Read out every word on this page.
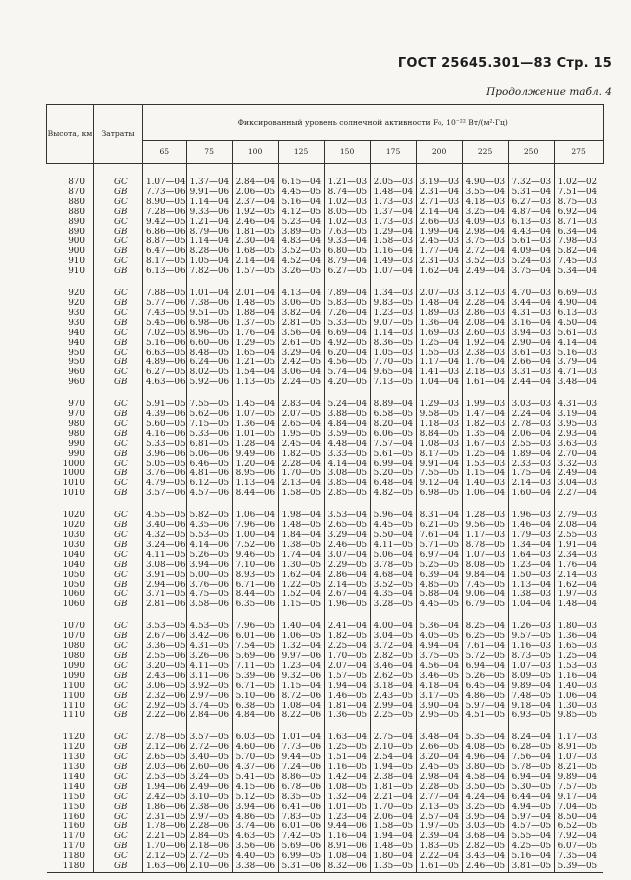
ГОСТ 25645.301—83 Стр. 15
Продолжение табл. 4
Высота, км	Затраты	Фиксированный уровень солнечной активности F₀, 10⁻²² Вт/(м²·Гц)									
		65	75	100	125	150	175	200	225	250	275

870	GC	1.07—04	1.37—04	2.84—04	6.15—04	1.21—03	2.05—03	3.19—03	4.90—03	7.32—03	1.02—02
870	GB	7.73—06	9.91—06	2.06—05	4.45—05	8.74—05	1.48—04	2.31—04	3.55—04	5.31—04	7.51—04
880	GC	8.90—05	1.14—04	2.37—04	5.16—04	1.02—03	1.73—03	2.71—03	4.18—03	6.27—03	8.75—03
880	GB	7.28—06	9.33—06	1.92—05	4.12—05	8.05—05	1.37—04	2.14—04	3.25—04	4.87—04	6.92—04
890	GC	9.42—05	1.21—04	2.46—04	5.23—04	1.02—03	1.73—03	2.66—03	4.09—03	6.13—03	8.71—03
890	GB	6.86—06	8.79—06	1.81—05	3.89—05	7.63—05	1.29—04	1.99—04	2.98—04	4.43—04	6.34—04
900	GC	8.87—05	1.14—04	2.30—04	4.83—04	9.33—04	1.58—03	2.45—03	3.75—03	5.61—03	7.98—03
900	GB	6.47—06	8.28—06	1.68—05	3.52—05	6.80—05	1.16—04	1.77—04	2.72—04	4.09—04	5.82—04
910	GC	8.17—05	1.05—04	2.14—04	4.52—04	8.79—04	1.49—03	2.31—03	3.52—03	5.24—03	7.45—03
910	GB	6.13—06	7.82—06	1.57—05	3.26—05	6.27—05	1.07—04	1.62—04	2.49—04	3.75—04	5.34—04

920	GC	7.88—05	1.01—04	2.01—04	4.13—04	7.89—04	1.34—03	2.07—03	3.12—03	4.70—03	6.69—03
920	GB	5.77—06	7.38—06	1.48—05	3.06—05	5.83—05	9.83—05	1.48—04	2.28—04	3.44—04	4.90—04
930	GC	7.43—05	9.51—05	1.88—04	3.82—04	7.26—04	1.23—03	1.89—03	2.86—03	4.31—03	6.13—03
930	GB	5.45—06	6.98—06	1.37—05	2.81—05	5.33—05	9.07—05	1.36—04	2.08—04	3.16—04	4.50—04
940	GC	7.02—05	8.96—05	1.76—04	3.56—04	6.69—04	1.14—03	1.69—03	2.60—03	3.94—03	5.61—03
940	GB	5.16—06	6.60—06	1.29—05	2.61—05	4.92—05	8.36—05	1.25—04	1.92—04	2.90—04	4.14—04
950	GC	6.63—05	8.48—05	1.65—04	3.29—04	6.20—04	1.05—03	1.55—03	2.38—03	3.61—03	5.16—03
950	GB	4.89—06	6.24—06	1.21—05	2.42—05	4.56—05	7.70—05	1.17—04	1.76—04	2.66—04	3.79—04
960	GC	6.27—05	8.02—05	1.54—04	3.06—04	5.74—04	9.65—04	1.41—03	2.18—03	3.31—03	4.71—03
960	GB	4.63—06	5.92—06	1.13—05	2.24—05	4.20—05	7.13—05	1.04—04	1.61—04	2.44—04	3.48—04

970	GC	5.91—05	7.55—05	1.45—04	2.83—04	5.24—04	8.89—04	1.29—03	1.99—03	3.03—03	4.31—03
970	GB	4.39—06	5.62—06	1.07—05	2.07—05	3.88—05	6.58—05	9.58—05	1.47—04	2.24—04	3.19—04
980	GC	5.60—05	7.15—05	1.36—04	2.65—04	4.84—04	8.20—04	1.18—03	1.82—03	2.78—03	3.95—03
980	GB	4.16—06	5.33—06	1.01—05	1.95—05	3.59—05	6.06—05	8.84—05	1.35—04	2.06—04	2.93—04
990	GC	5.33—05	6.81—05	1.28—04	2.45—04	4.48—04	7.57—04	1.08—03	1.67—03	2.55—03	3.63—03
990	GB	3.96—06	5.06—06	9.49—06	1.82—05	3.33—05	5.61—05	8.17—05	1.25—04	1.89—04	2.70—04
1000	GC	5.05—05	6.46—05	1.20—04	2.28—04	4.14—04	6.99—04	9.91—04	1.53—03	2.33—03	3.32—03
1000	GB	3.76—06	4.81—06	8.95—06	1.70—05	3.08—05	5.20—05	7.55—05	1.15—04	1.75—04	2.49—04
1010	GC	4.79—05	6.12—05	1.13—04	2.13—04	3.85—04	6.48—04	9.12—04	1.40—03	2.14—03	3.04—03
1010	GB	3.57—06	4.57—06	8.44—06	1.58—05	2.85—05	4.82—05	6.98—05	1.06—04	1.60—04	2.27—04

1020	GC	4.55—05	5.82—05	1.06—04	1.98—04	3.53—04	5.96—04	8.31—04	1.28—03	1.96—03	2.79—03
1020	GB	3.40—06	4.35—06	7.96—06	1.48—05	2.65—05	4.45—05	6.21—05	9.56—05	1.46—04	2.08—04
1030	GC	4.32—05	5.53—05	1.00—04	1.84—04	3.29—04	5.50—04	7.61—04	1.17—03	1.79—03	2.55—03
1030	GB	3.24—06	4.14—06	7.52—06	1.38—05	2.46—05	4.11—05	5.71—05	8.78—05	1.34—04	1.91—04
1040	GC	4.11—05	5.26—05	9.46—05	1.74—04	3.07—04	5.06—04	6.97—04	1.07—03	1.64—03	2.34—03
1040	GB	3.08—06	3.94—06	7.10—06	1.30—05	2.29—05	3.78—05	5.25—05	8.08—05	1.23—04	1.76—04
1050	GC	3.91—05	5.00—05	8.93—05	1.62—04	2.86—04	4.68—04	6.39—04	9.84—04	1.50—03	2.14—03
1050	GB	2.94—06	3.76—06	6.71—06	1.22—05	2.14—05	3.52—05	4.85—05	7.45—05	1.13—04	1.62—04
1060	GC	3.71—05	4.75—05	8.44—05	1.52—04	2.67—04	4.35—04	5.88—04	9.06—04	1.38—03	1.97—03
1060	GB	2.81—06	3.58—06	6.35—06	1.15—05	1.96—05	3.28—05	4.45—05	6.79—05	1.04—04	1.48—04

1070	GC	3.53—05	4.53—05	7.96—05	1.40—04	2.41—04	4.00—04	5.36—04	8.25—04	1.26—03	1.80—03
1070	GB	2.67—06	3.42—06	6.01—06	1.06—05	1.82—05	3.04—05	4.05—05	6.25—05	9.57—05	1.36—04
1080	GC	3.36—05	4.31—05	7.54—05	1.32—04	2.25—04	3.72—04	4.94—04	7.61—04	1.16—03	1.65—03
1080	GB	2.55—06	3.26—06	5.69—06	9.97—06	1.70—05	2.82—05	3.75—05	5.72—05	8.73—05	1.25—04
1090	GC	3.20—05	4.11—05	7.11—05	1.23—04	2.07—04	3.46—04	4.56—04	6.94—04	1.07—03	1.53—03
1090	GB	2.43—06	3.11—06	5.39—06	9.32—06	1.57—05	2.62—05	3.46—05	5.26—05	8.09—05	1.16—04
1100	GC	3.06—05	3.92—05	6.71—05	1.15—04	1.94—04	3.18—04	4.18—04	6.45—04	9.89—04	1.40—03
1100	GB	2.32—06	2.97—06	5.10—06	8.72—06	1.46—05	2.43—05	3.17—05	4.86—05	7.48—05	1.06—04
1110	GC	2.92—05	3.74—05	6.38—05	1.08—04	1.81—04	2.99—04	3.90—04	5.97—04	9.18—04	1.30—03
1110	GB	2.22—06	2.84—06	4.84—06	8.22—06	1.36—05	2.25—05	2.95—05	4.51—05	6.93—05	9.85—05

1120	GC	2.78—05	3.57—05	6.03—05	1.01—04	1.63—04	2.75—04	3.48—04	5.35—04	8.24—04	1.17—03
1120	GB	2.12—06	2.72—06	4.60—06	7.73—06	1.25—05	2.10—05	2.66—05	4.08—05	6.28—05	8.91—05
1130	GC	2.65—05	3.40—05	5.70—05	9.44—05	1.51—04	2.54—04	3.20—04	4.96—04	7.56—04	1.07—03
1130	GB	2.03—06	2.60—06	4.37—06	7.24—06	1.16—05	1.94—05	2.45—05	3.80—05	5.78—05	8.21—05
1140	GC	2.53—05	3.24—05	5.41—05	8.86—05	1.42—04	2.38—04	2.98—04	4.58—04	6.94—04	9.89—04
1140	GB	1.94—06	2.49—06	4.15—06	6.78—06	1.08—05	1.81—05	2.28—05	3.50—05	5.30—05	7.57—05
1150	GC	2.42—05	3.10—05	5.12—05	8.35—05	1.32—04	2.21—04	2.77—04	4.24—04	6.44—04	9.17—04
1150	GB	1.86—06	2.38—06	3.94—06	6.41—06	1.01—05	1.70—05	2.13—05	3.25—05	4.94—05	7.04—05
1160	GC	2.31—05	2.97—05	4.86—05	7.83—05	1.23—04	2.06—04	2.57—04	3.95—04	5.97—04	8.50—04
1160	GB	1.78—06	2.28—06	3.74—06	6.01—06	9.44—06	1.58—05	1.97—05	3.03—05	4.57—05	6.52—05
1170	GC	2.21—05	2.84—05	4.63—05	7.42—05	1.16—04	1.94—04	2.39—04	3.68—04	5.55—04	7.92—04
1170	GB	1.70—06	2.18—06	3.56—06	5.69—06	8.91—06	1.48—05	1.83—05	2.82—05	4.25—05	6.07—05
1180	GC	2.12—05	2.72—05	4.40—05	6.99—05	1.08—04	1.80—04	2.22—04	3.43—04	5.16—04	7.35—04
1180	GB	1.63—06	2.10—06	3.38—06	5.31—06	8.32—06	1.35—05	1.61—05	2.46—05	3.81—05	5.39—05
